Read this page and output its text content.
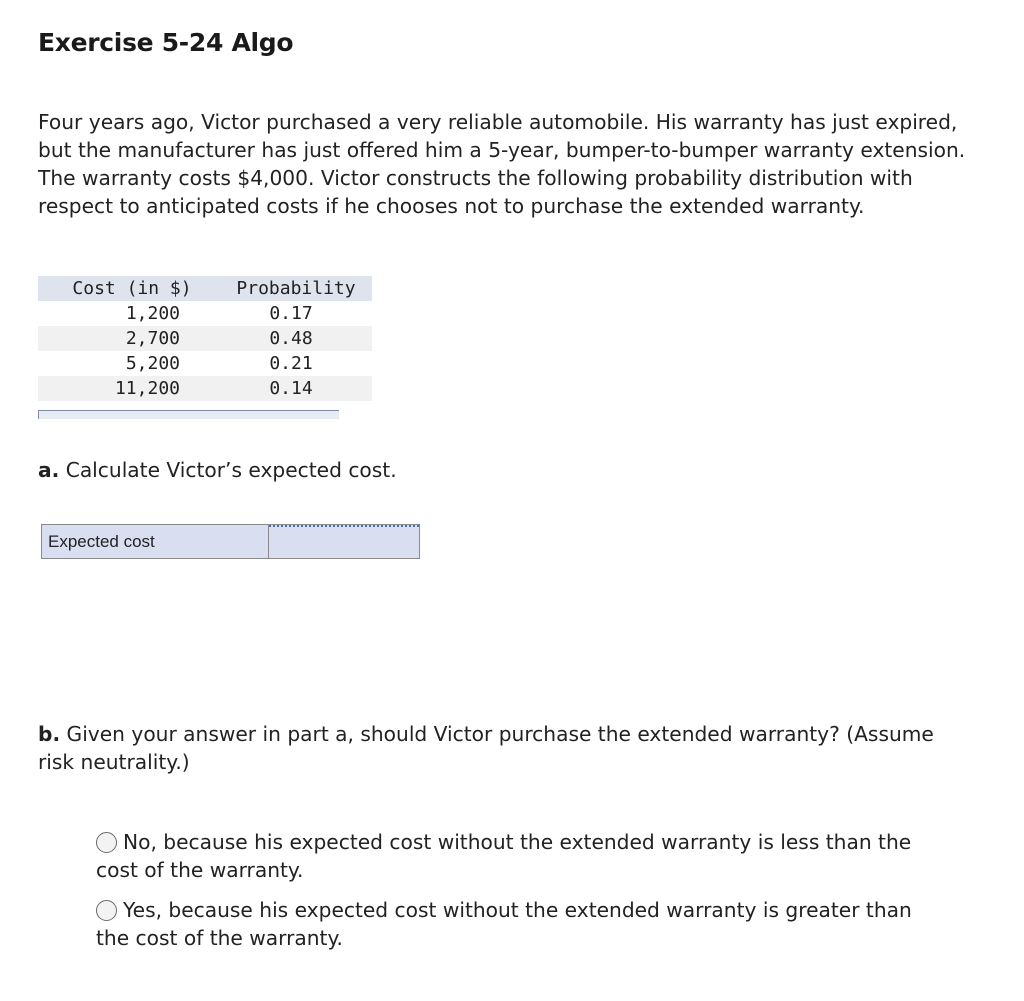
Exercise 5-24 Algo
Four years ago, Victor purchased a very reliable automobile. His warranty has just expired, but the manufacturer has just offered him a 5-year, bumper-to-bumper warranty extension. The warranty costs $4,000. Victor constructs the following probability distribution with respect to anticipated costs if he chooses not to purchase the extended warranty.
Cost (in $)	Probability
1,200	0.17
2,700	0.48
5,200	0.21
11,200	0.14
a. Calculate Victor’s expected cost.
Expected cost
b. Given your answer in part a, should Victor purchase the extended warranty? (Assume risk neutrality.)
No, because his expected cost without the extended warranty is less than the cost of the warranty.
Yes, because his expected cost without the extended warranty is greater than the cost of the warranty.
